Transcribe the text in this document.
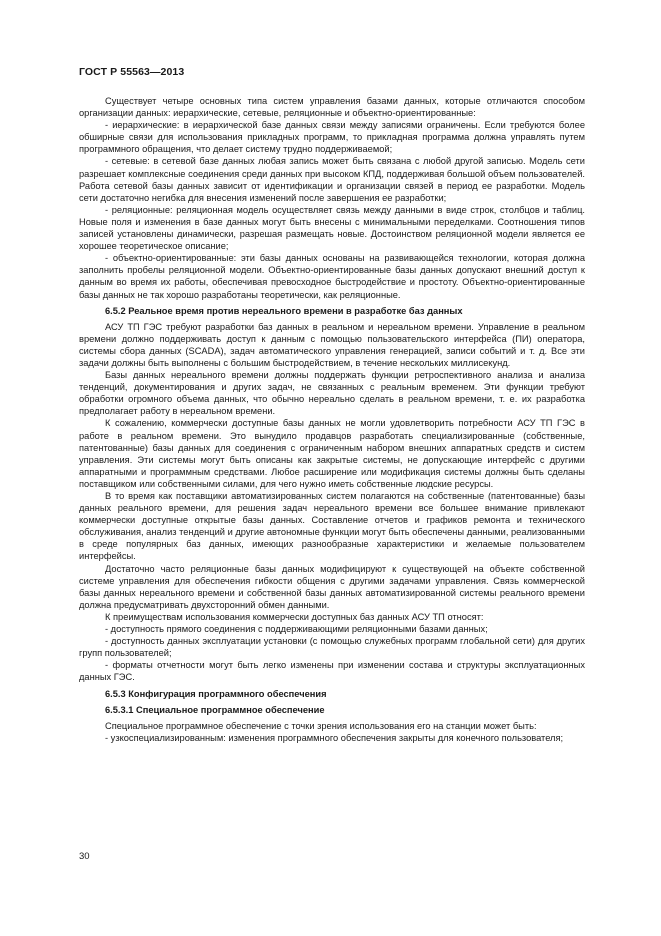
ГОСТ Р 55563—2013

Существует четыре основных типа систем управления базами данных, которые отличаются способом организации данных: иерархические, сетевые, реляционные и объектно-ориентированные:

- иерархические: в иерархической базе данных связи между записями ограничены. Если требуются более обширные связи для использования прикладных программ, то прикладная программа должна управлять путем программного обращения, что делает систему трудно поддерживаемой;

- сетевые: в сетевой базе данных любая запись может быть связана с любой другой записью. Модель сети разрешает комплексные соединения среди данных при высоком КПД, поддерживая большой объем пользователей. Работа сетевой базы данных зависит от идентификации и организации связей в период ее разработки. Модель сети достаточно негибка для внесения изменений после завершения ее разработки;

- реляционные: реляционная модель осуществляет связь между данными в виде строк, столбцов и таблиц. Новые поля и изменения в базе данных могут быть внесены с минимальными переделками. Соотношения типов записей установлены динамически, разрешая размещать новые. Достоинством реляционной модели является ее хорошее теоретическое описание;

- объектно-ориентированные: эти базы данных основаны на развивающейся технологии, которая должна заполнить пробелы реляционной модели. Объектно-ориентированные базы данных допускают внешний доступ к данным во время их работы, обеспечивая превосходное быстродействие и простоту. Объектно-ориентированные базы данных не так хорошо разработаны теоретически, как реляционные.

6.5.2 Реальное время против нереального времени в разработке баз данных

АСУ ТП ГЭС требуют разработки баз данных в реальном и нереальном времени. Управление в реальном времени должно поддерживать доступ к данным с помощью пользовательского интерфейса (ПИ) оператора, системы сбора данных (SCADA), задач автоматического управления генерацией, записи событий и т. д. Все эти задачи должны быть выполнены с большим быстродействием, в течение нескольких миллисекунд.

Базы данных нереального времени должны поддержать функции ретроспективного анализа и анализа тенденций, документирования и других задач, не связанных с реальным временем. Эти функции требуют обработки огромного объема данных, что обычно нереально сделать в реальном времени, т. е. их разработка предполагает работу в нереальном времени.

К сожалению, коммерчески доступные базы данных не могли удовлетворить потребности АСУ ТП ГЭС в работе в реальном времени. Это вынудило продавцов разработать специализированные (собственные, патентованные) базы данных для соединения с ограниченным набором внешних аппаратных средств и систем управления. Эти системы могут быть описаны как закрытые системы, не допускающие интерфейс с другими аппаратными и программным средствами. Любое расширение или модификация системы должны быть сделаны поставщиком или собственными силами, для чего нужно иметь собственные людские ресурсы.

В то время как поставщики автоматизированных систем полагаются на собственные (патентованные) базы данных реального времени, для решения задач нереального времени все большее внимание привлекают коммерчески доступные открытые базы данных. Составление отчетов и графиков ремонта и технического обслуживания, анализ тенденций и другие автономные функции могут быть обеспечены данными, реализованными в среде популярных баз данных, имеющих разнообразные характеристики и желаемые пользователем интерфейсы.

Достаточно часто реляционные базы данных модифицируют к существующей на объекте собственной системе управления для обеспечения гибкости общения с другими задачами управления. Связь коммерческой базы данных нереального времени и собственной базы данных автоматизированной системы реального времени должна предусматривать двухсторонний обмен данными.

К преимуществам использования коммерчески доступных баз данных АСУ ТП относят:

- доступность прямого соединения с поддерживающими реляционными базами данных;

- доступность данных эксплуатации установки (с помощью служебных программ глобальной сети) для других групп пользователей;

- форматы отчетности могут быть легко изменены при изменении состава и структуры эксплуатационных данных ГЭС.

6.5.3 Конфигурация программного обеспечения
6.5.3.1 Специальное программное обеспечение

Специальное программное обеспечение с точки зрения использования его на станции может быть:

- узкоспециализированным: изменения программного обеспечения закрыты для конечного пользователя;

30
